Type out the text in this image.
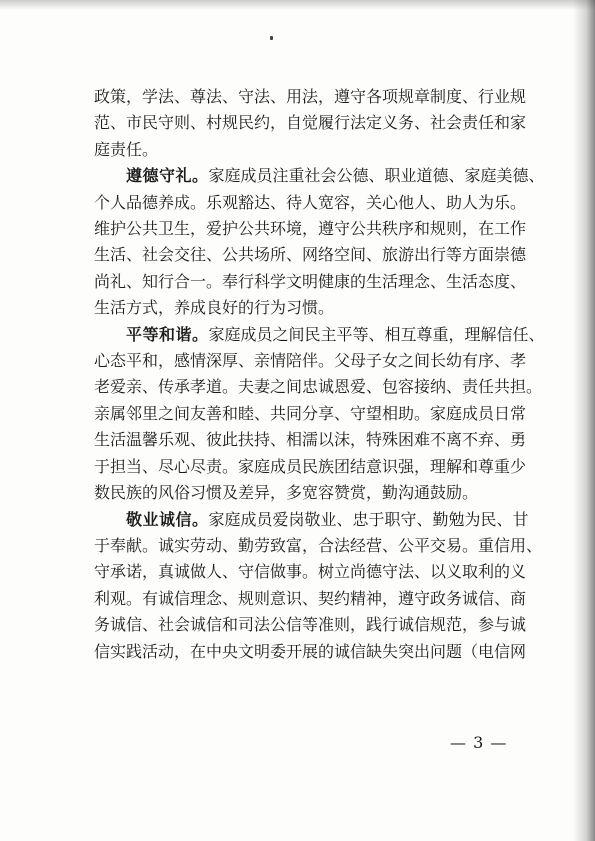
政策，学法、尊法、守法、用法，遵守各项规章制度、行业规
范、市民守则、村规民约，自觉履行法定义务、社会责任和家
庭责任。

遵德守礼。家庭成员注重社会公德、职业道德、家庭美德、
个人品德养成。乐观豁达、待人宽容，关心他人、助人为乐。
维护公共卫生，爱护公共环境，遵守公共秩序和规则，在工作
生活、社会交往、公共场所、网络空间、旅游出行等方面崇德
尚礼、知行合一。奉行科学文明健康的生活理念、生活态度、
生活方式，养成良好的行为习惯。

平等和谐。家庭成员之间民主平等、相互尊重，理解信任、
心态平和，感情深厚、亲情陪伴。父母子女之间长幼有序、孝
老爱亲、传承孝道。夫妻之间忠诚恩爱、包容接纳、责任共担。
亲属邻里之间友善和睦、共同分享、守望相助。家庭成员日常
生活温馨乐观、彼此扶持、相濡以沫，特殊困难不离不弃、勇
于担当、尽心尽责。家庭成员民族团结意识强，理解和尊重少
数民族的风俗习惯及差异，多宽容赞赏，勤沟通鼓励。

敬业诚信。家庭成员爱岗敬业、忠于职守、勤勉为民、甘
于奉献。诚实劳动、勤劳致富，合法经营、公平交易。重信用、
守承诺，真诚做人、守信做事。树立尚德守法、以义取利的义
利观。有诚信理念、规则意识、契约精神，遵守政务诚信、商
务诚信、社会诚信和司法公信等准则，践行诚信规范，参与诚
信实践活动，在中央文明委开展的诚信缺失突出问题（电信网

— 3 —
